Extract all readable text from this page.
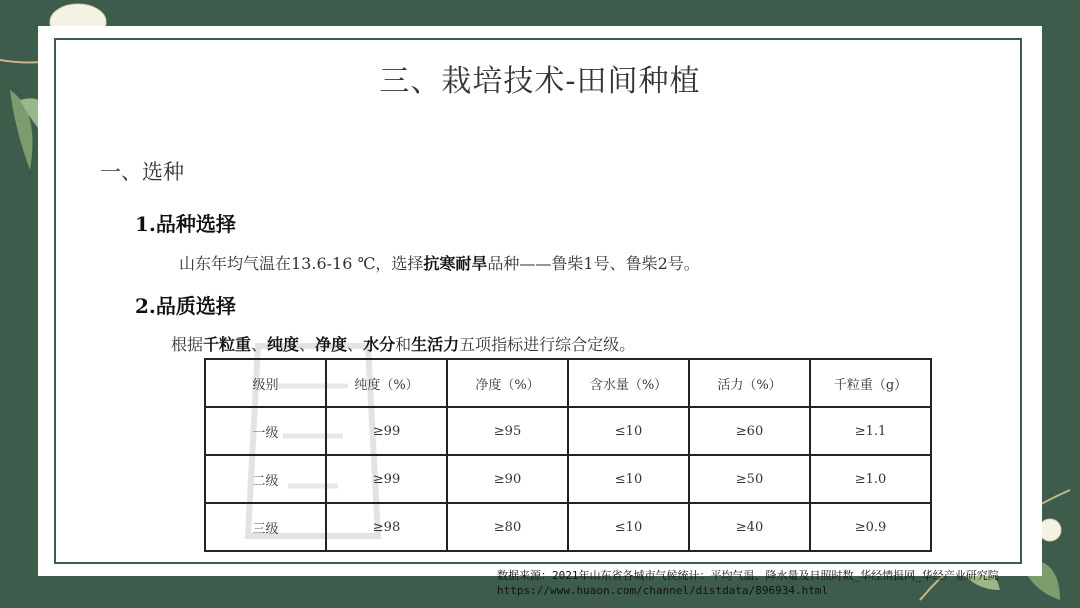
三、栽培技术-田间种植
一、选种
1.品种选择
山东年均气温在13.6-16 ℃，选择抗寒耐旱品种——鲁柴1号、鲁柴2号。
2.品质选择
根据千粒重、纯度、净度、水分和生活力五项指标进行综合定级。
级别	纯度（%）	净度（%）	含水量（%）	活力（%）	千粒重（g）
一级	≥99	≥95	≤10	≥60	≥1.1
二级	≥99	≥90	≤10	≥50	≥1.0
三级	≥98	≥80	≤10	≥40	≥0.9
数据来源：2021年山东省各城市气候统计：平均气温、降水量及日照时数_华经情报网_华经产业研究院
https://www.huaon.com/channel/distdata/896934.html
